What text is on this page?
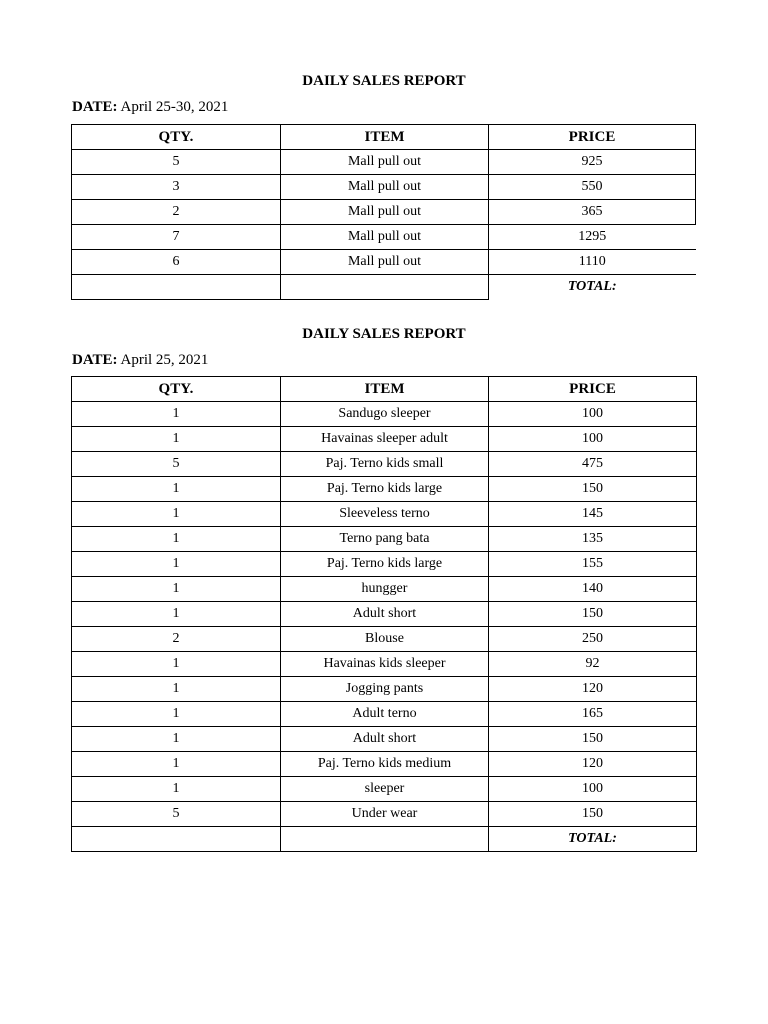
DAILY SALES REPORT
DATE: April 25-30, 2021
QTY.	ITEM	PRICE
5	Mall pull out	925
3	Mall pull out	550
2	Mall pull out	365
7	Mall pull out	1295
6	Mall pull out	1110
		TOTAL:
DAILY SALES REPORT
DATE: April 25, 2021
QTY.	ITEM	PRICE
1	Sandugo sleeper	100
1	Havainas sleeper adult	100
5	Paj. Terno kids small	475
1	Paj. Terno kids large	150
1	Sleeveless terno	145
1	Terno pang bata	135
1	Paj. Terno kids large	155
1	hungger	140
1	Adult short	150
2	Blouse	250
1	Havainas kids sleeper	92
1	Jogging pants	120
1	Adult terno	165
1	Adult short	150
1	Paj. Terno kids medium	120
1	sleeper	100
5	Under wear	150
		TOTAL:
